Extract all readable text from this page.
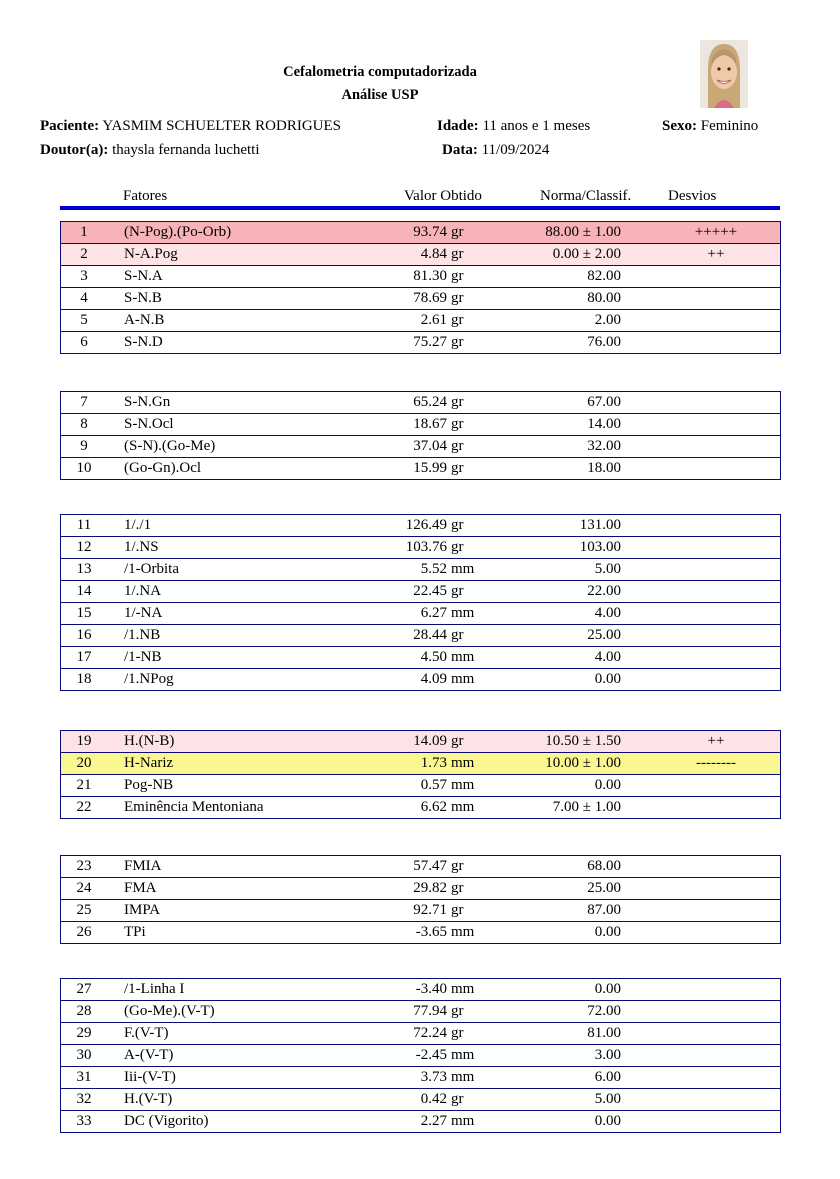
Cefalometria computadorizada
Análise USP
Paciente: YASMIM SCHUELTER RODRIGUES	Idade: 11 anos e 1 meses	Sexo: Feminino
Doutor(a): thaysla fernanda luchetti	Data: 11/09/2024
Fatores	Valor Obtido	Norma/Classif. Desvios
1	(N-Pog).(Po-Orb)	93.74 gr	88.00 ± 1.00	+++++
2	N-A.Pog	4.84 gr	0.00 ± 2.00	++
3	S-N.A	81.30 gr	82.00
4	S-N.B	78.69 gr	80.00
5	A-N.B	2.61 gr	2.00
6	S-N.D	75.27 gr	76.00
7	S-N.Gn	65.24 gr	67.00
8	S-N.Ocl	18.67 gr	14.00
9	(S-N).(Go-Me)	37.04 gr	32.00
10	(Go-Gn).Ocl	15.99 gr	18.00
11	1/./1	126.49 gr	131.00
12	1/.NS	103.76 gr	103.00
13	/1-Orbita	5.52 mm	5.00
14	1/.NA	22.45 gr	22.00
15	1/-NA	6.27 mm	4.00
16	/1.NB	28.44 gr	25.00
17	/1-NB	4.50 mm	4.00
18	/1.NPog	4.09 mm	0.00
19	H.(N-B)	14.09 gr	10.50 ± 1.50	++
20	H-Nariz	1.73 mm	10.00 ± 1.00	--------
21	Pog-NB	0.57 mm	0.00
22	Eminência Mentoniana	6.62 mm	7.00 ± 1.00
23	FMIA	57.47 gr	68.00
24	FMA	29.82 gr	25.00
25	IMPA	92.71 gr	87.00
26	TPi	-3.65 mm	0.00
27	/1-Linha I	-3.40 mm	0.00
28	(Go-Me).(V-T)	77.94 gr	72.00
29	F.(V-T)	72.24 gr	81.00
30	A-(V-T)	-2.45 mm	3.00
31	Iii-(V-T)	3.73 mm	6.00
32	H.(V-T)	0.42 gr	5.00
33	DC (Vigorito)	2.27 mm	0.00
